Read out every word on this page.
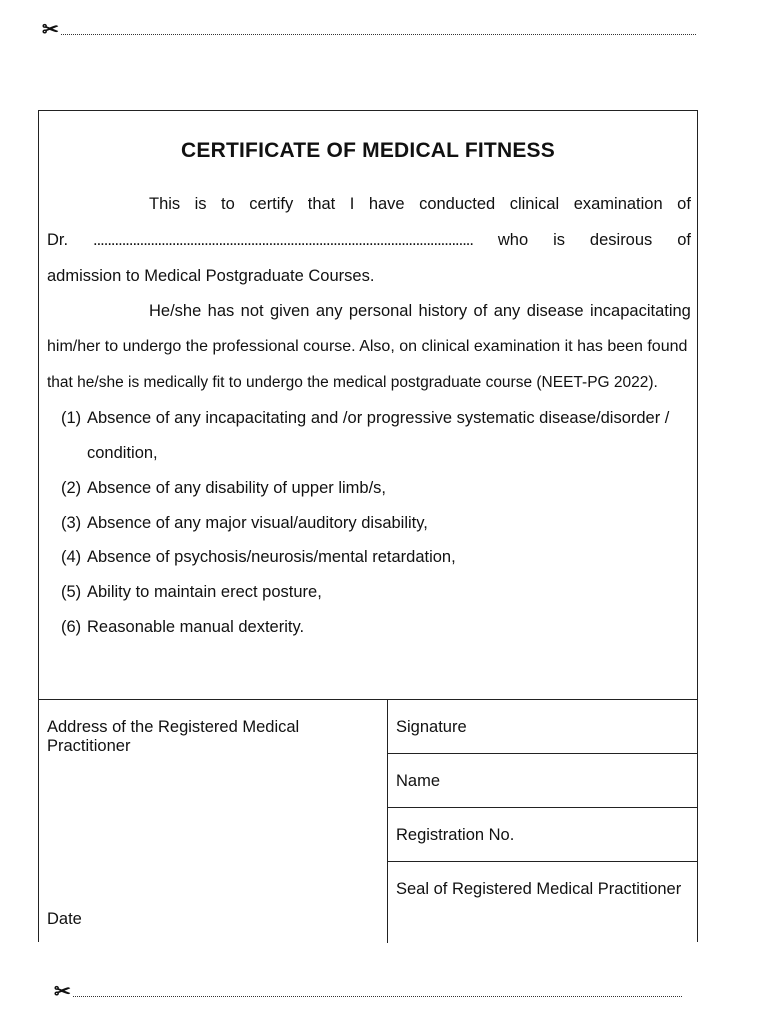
✂
CERTIFICATE OF MEDICAL FITNESS
This is to certify that I have conducted clinical examination of
Dr. .......................................................................................................... who is desirous of
admission to Medical Postgraduate Courses.
He/she has not given any personal history of any disease incapacitating
him/her to undergo the professional course. Also, on clinical examination it has been found
that he/she is medically fit to undergo the medical postgraduate course (NEET-PG 2022).
(1) Absence of any incapacitating and /or progressive systematic disease/disorder /
condition,
(2) Absence of any disability of upper limb/s,
(3) Absence of any major visual/auditory disability,
(4) Absence of psychosis/neurosis/mental retardation,
(5) Ability to maintain erect posture,
(6) Reasonable manual dexterity.
Address of the Registered Medical Practitioner
Date
Signature
Name
Registration No.
Seal of Registered Medical Practitioner
✂
